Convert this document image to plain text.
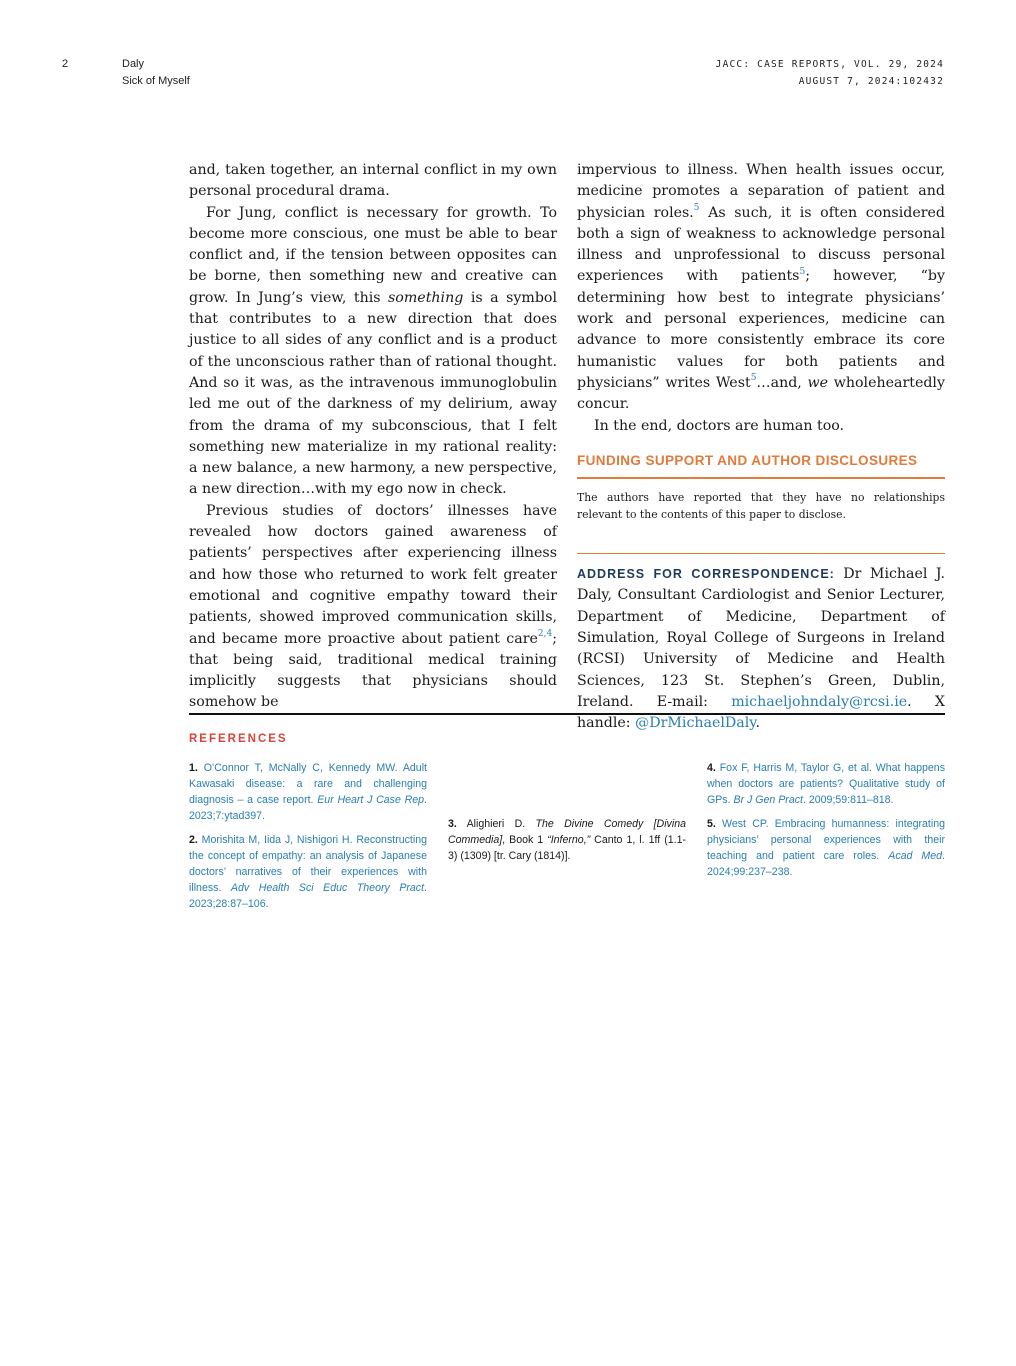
2	Daly
Sick of Myself
JACC: CASE REPORTS, VOL. 29, 2024
AUGUST 7, 2024:102432

and, taken together, an internal conflict in my own personal procedural drama.

For Jung, conflict is necessary for growth. To become more conscious, one must be able to bear conflict and, if the tension between opposites can be borne, then something new and creative can grow. In Jung’s view, this something is a symbol that contributes to a new direction that does justice to all sides of any conflict and is a product of the unconscious rather than of rational thought. And so it was, as the intravenous immunoglobulin led me out of the darkness of my delirium, away from the drama of my subconscious, that I felt something new materialize in my rational reality: a new balance, a new harmony, a new perspective, a new direction…with my ego now in check.

Previous studies of doctors’ illnesses have revealed how doctors gained awareness of patients’ perspectives after experiencing illness and how those who returned to work felt greater emotional and cognitive empathy toward their patients, showed improved communication skills, and became more proactive about patient care$^{2,4}$; that being said, traditional medical training implicitly suggests that physicians should somehow be

impervious to illness. When health issues occur, medicine promotes a separation of patient and physician roles.$^5$ As such, it is often considered both a sign of weakness to acknowledge personal illness and unprofessional to discuss personal experiences with patients$^5$; however, “by determining how best to integrate physicians’ work and personal experiences, medicine can advance to more consistently embrace its core humanistic values for both patients and physicians” writes West$^5$…and, we wholeheartedly concur.

In the end, doctors are human too.

FUNDING SUPPORT AND AUTHOR DISCLOSURES

The authors have reported that they have no relationships relevant to the contents of this paper to disclose.

ADDRESS FOR CORRESPONDENCE: Dr Michael J. Daly, Consultant Cardiologist and Senior Lecturer, Department of Medicine, Department of Simulation, Royal College of Surgeons in Ireland (RCSI) University of Medicine and Health Sciences, 123 St. Stephen’s Green, Dublin, Ireland. E-mail: michaeljohndaly@rcsi.ie. X handle: @DrMichaelDaly.

REFERENCES

1. O’Connor T, McNally C, Kennedy MW. Adult Kawasaki disease: a rare and challenging diagnosis – a case report. Eur Heart J Case Rep. 2023;7:ytad397.

2. Morishita M, Iida J, Nishigori H. Reconstructing the concept of empathy: an analysis of Japanese doctors’ narratives of their experiences with illness. Adv Health Sci Educ Theory Pract. 2023;28:87–106.

3. Alighieri D. The Divine Comedy [Divina Commedia], Book 1 “Inferno,” Canto 1, l. 1ff (1.1-3) (1309) [tr. Cary (1814)].

4. Fox F, Harris M, Taylor G, et al. What happens when doctors are patients? Qualitative study of GPs. Br J Gen Pract. 2009;59:811–818.

5. West CP. Embracing humanness: integrating physicians’ personal experiences with their teaching and patient care roles. Acad Med. 2024;99:237–238.
